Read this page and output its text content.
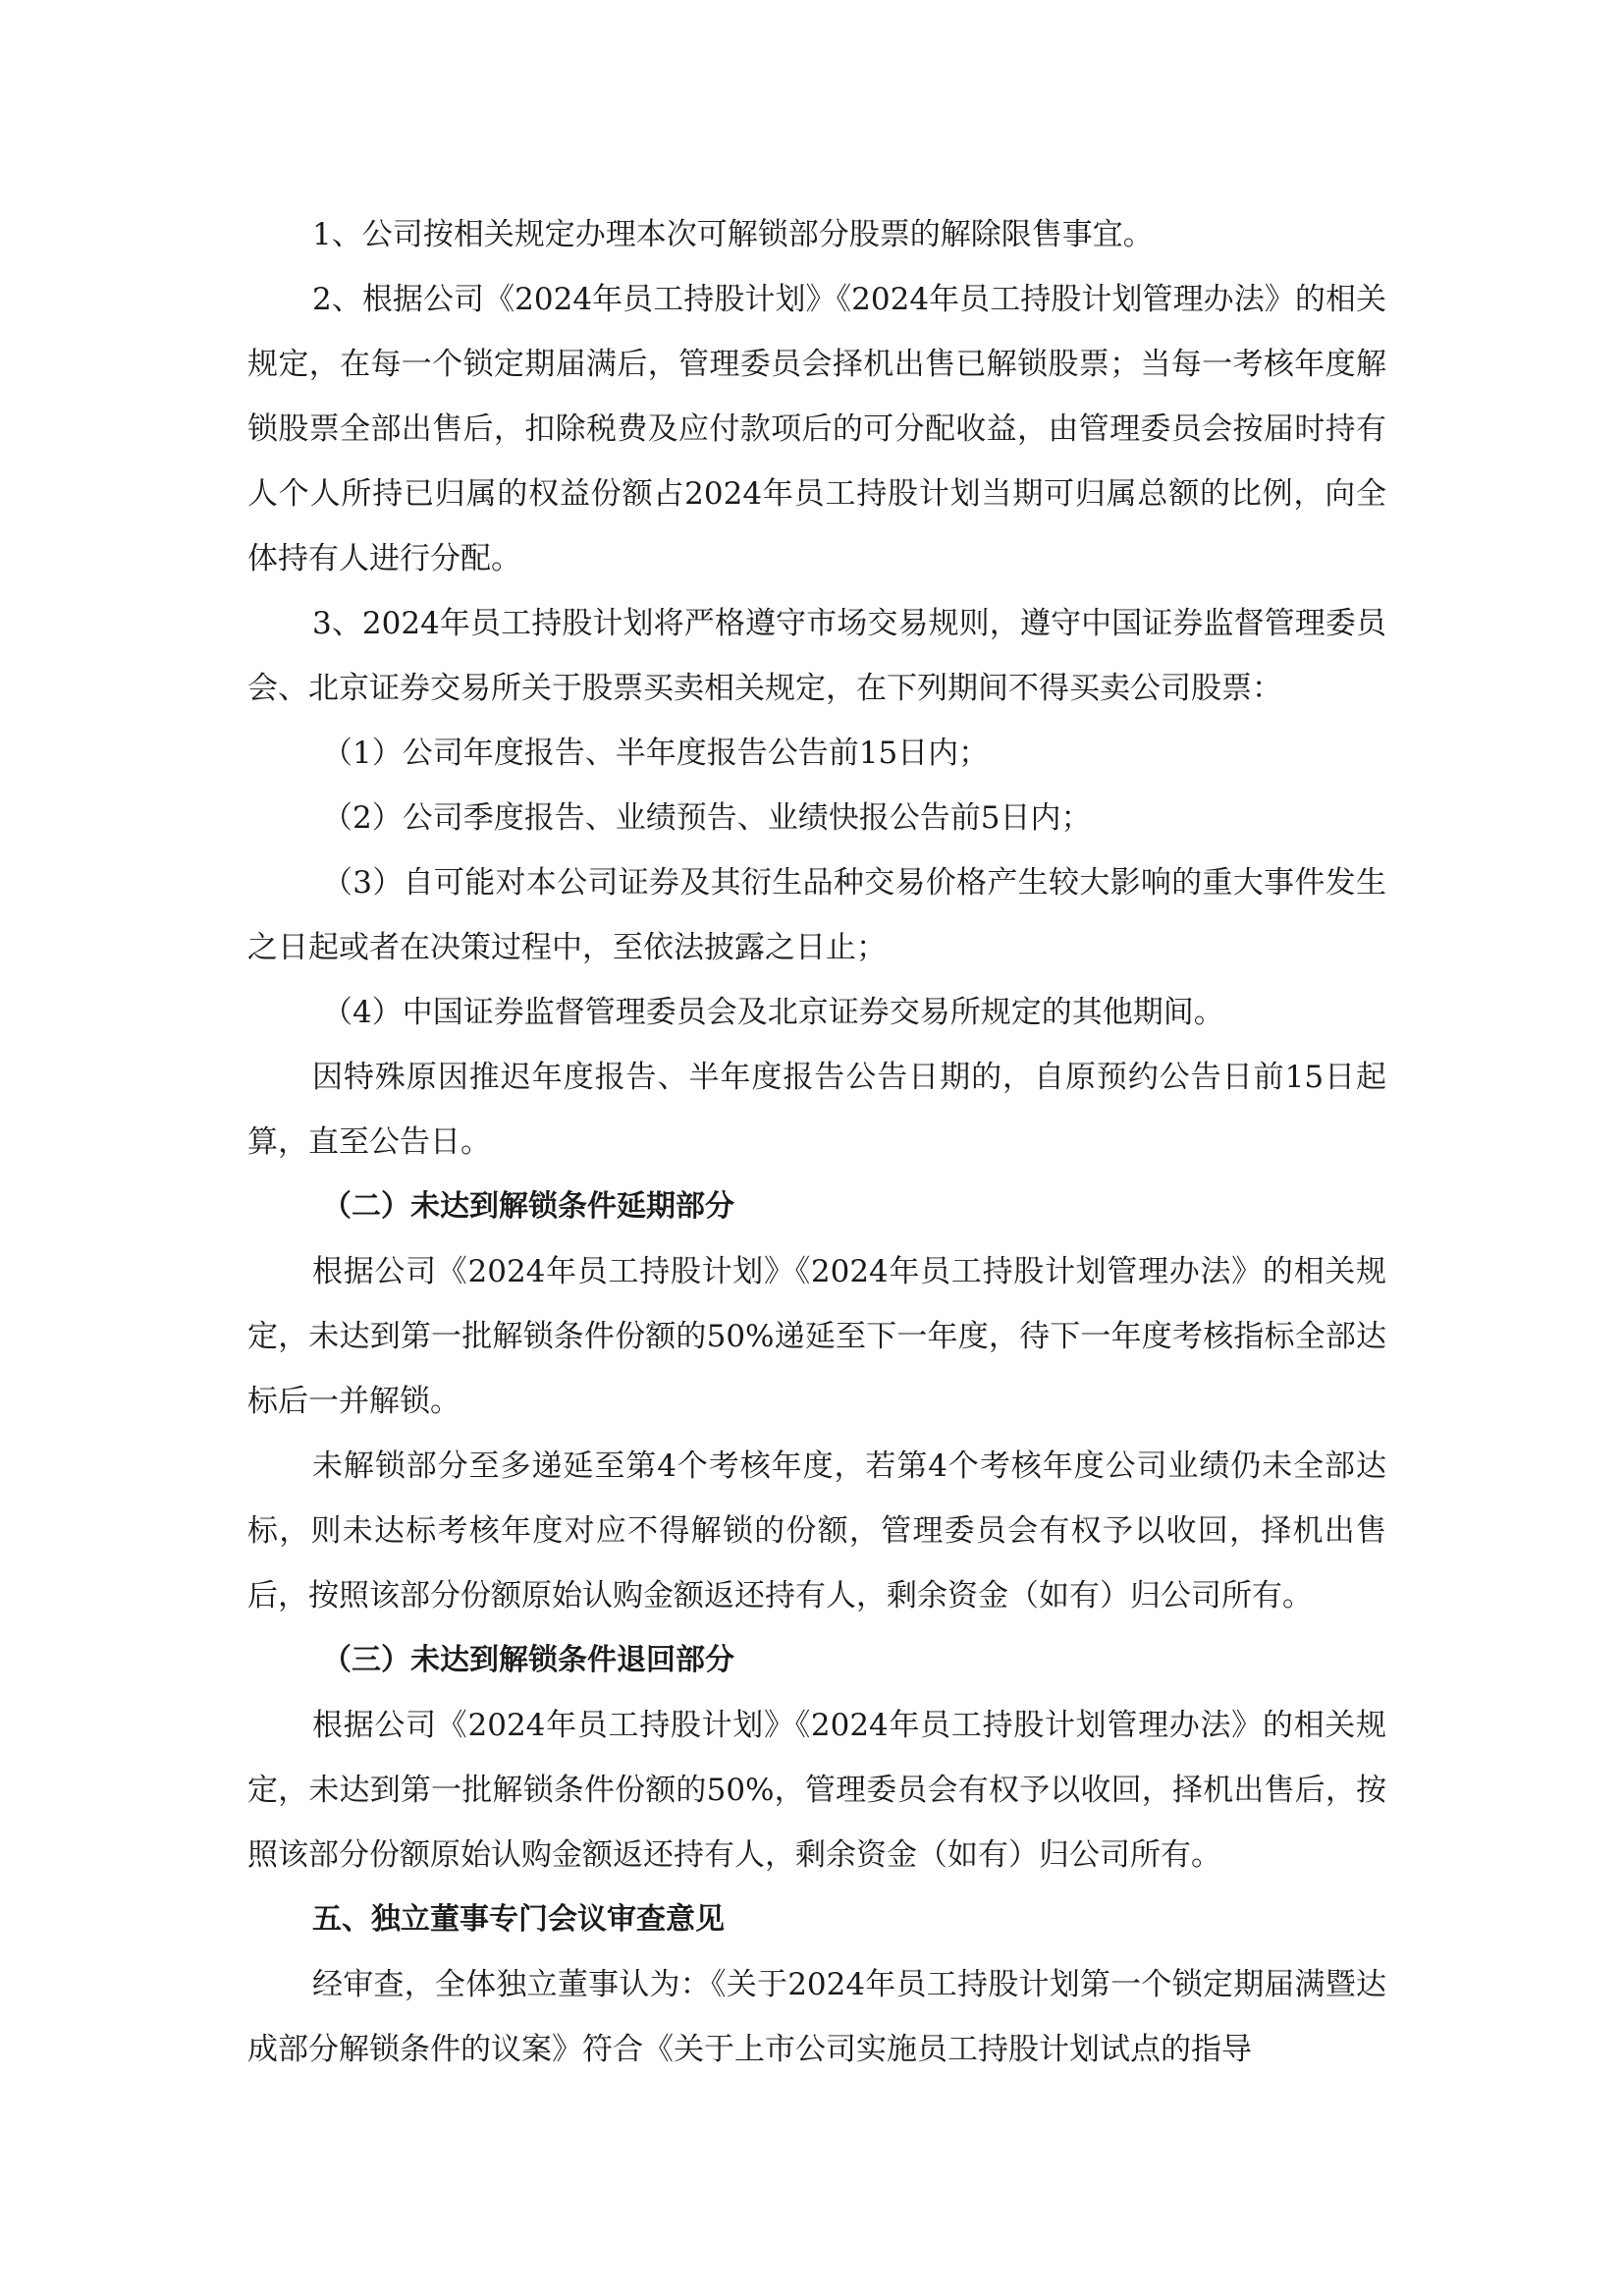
1、公司按相关规定办理本次可解锁部分股票的解除限售事宜。

2、根据公司《2024年员工持股计划》《2024年员工持股计划管理办法》的相关规定，在每一个锁定期届满后，管理委员会择机出售已解锁股票；当每一考核年度解锁股票全部出售后，扣除税费及应付款项后的可分配收益，由管理委员会按届时持有人个人所持已归属的权益份额占2024年员工持股计划当期可归属总额的比例，向全体持有人进行分配。

3、2024年员工持股计划将严格遵守市场交易规则，遵守中国证券监督管理委员会、北京证券交易所关于股票买卖相关规定，在下列期间不得买卖公司股票：

（1）公司年度报告、半年度报告公告前15日内；

（2）公司季度报告、业绩预告、业绩快报公告前5日内；

（3）自可能对本公司证券及其衍生品种交易价格产生较大影响的重大事件发生之日起或者在决策过程中，至依法披露之日止；

（4）中国证券监督管理委员会及北京证券交易所规定的其他期间。

因特殊原因推迟年度报告、半年度报告公告日期的，自原预约公告日前15日起算，直至公告日。

（二）未达到解锁条件延期部分

根据公司《2024年员工持股计划》《2024年员工持股计划管理办法》的相关规定，未达到第一批解锁条件份额的50%递延至下一年度，待下一年度考核指标全部达标后一并解锁。

未解锁部分至多递延至第4个考核年度，若第4个考核年度公司业绩仍未全部达标，则未达标考核年度对应不得解锁的份额，管理委员会有权予以收回，择机出售后，按照该部分份额原始认购金额返还持有人，剩余资金（如有）归公司所有。

（三）未达到解锁条件退回部分

根据公司《2024年员工持股计划》《2024年员工持股计划管理办法》的相关规定，未达到第一批解锁条件份额的50%，管理委员会有权予以收回，择机出售后，按照该部分份额原始认购金额返还持有人，剩余资金（如有）归公司所有。

五、独立董事专门会议审查意见

经审查，全体独立董事认为：《关于2024年员工持股计划第一个锁定期届满暨达成部分解锁条件的议案》符合《关于上市公司实施员工持股计划试点的指导
